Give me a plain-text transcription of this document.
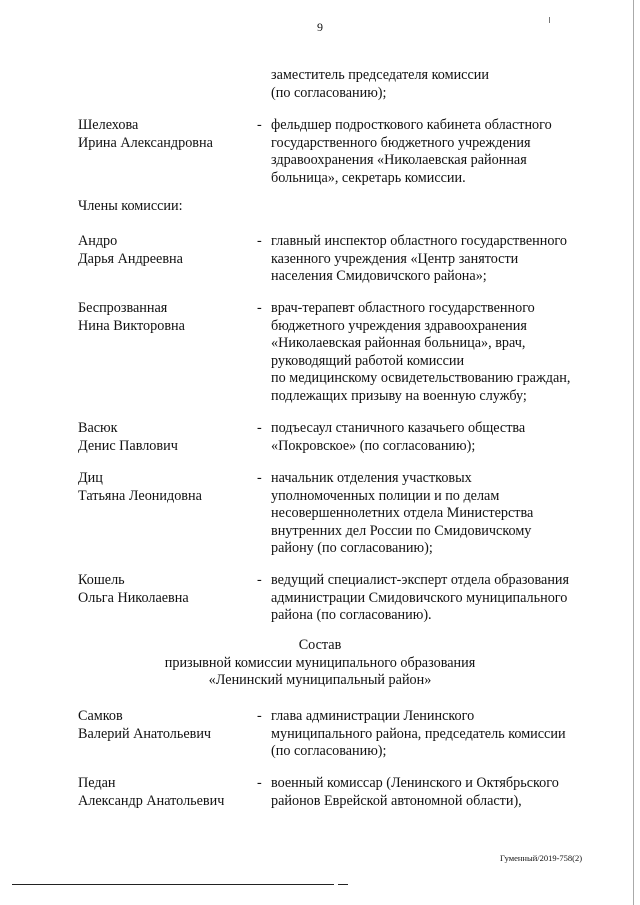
9
заместитель председателя комиссии
(по согласованию);
Шелехова
Ирина Александровна
- фельдшер подросткового кабинета областного
государственного бюджетного учреждения
здравоохранения «Николаевская районная
больница», секретарь комиссии.
Члены комиссии:
Андро
Дарья Андреевна
- главный инспектор областного государственного
казенного учреждения «Центр занятости
населения Смидовичского района»;
Беспрозванная
Нина Викторовна
- врач-терапевт областного государственного
бюджетного учреждения здравоохранения
«Николаевская районная больница», врач,
руководящий работой комиссии
по медицинскому освидетельствованию граждан,
подлежащих призыву на военную службу;
Васюк
Денис Павлович
- подъесаул станичного казачьего общества
«Покровское» (по согласованию);
Диц
Татьяна Леонидовна
- начальник отделения участковых
уполномоченных полиции и по делам
несовершеннолетних отдела Министерства
внутренних дел России по Смидовичскому
району (по согласованию);
Кошель
Ольга Николаевна
- ведущий специалист-эксперт отдела образования
администрации Смидовичского муниципального
района (по согласованию).
Состав
призывной комиссии муниципального образования
«Ленинский муниципальный район»
Самков
Валерий Анатольевич
- глава администрации Ленинского
муниципального района, председатель комиссии
(по согласованию);
Педан
Александр Анатольевич
- военный комиссар (Ленинского и Октябрьского
районов Еврейской автономной области),
Гуменный/2019-758(2)
